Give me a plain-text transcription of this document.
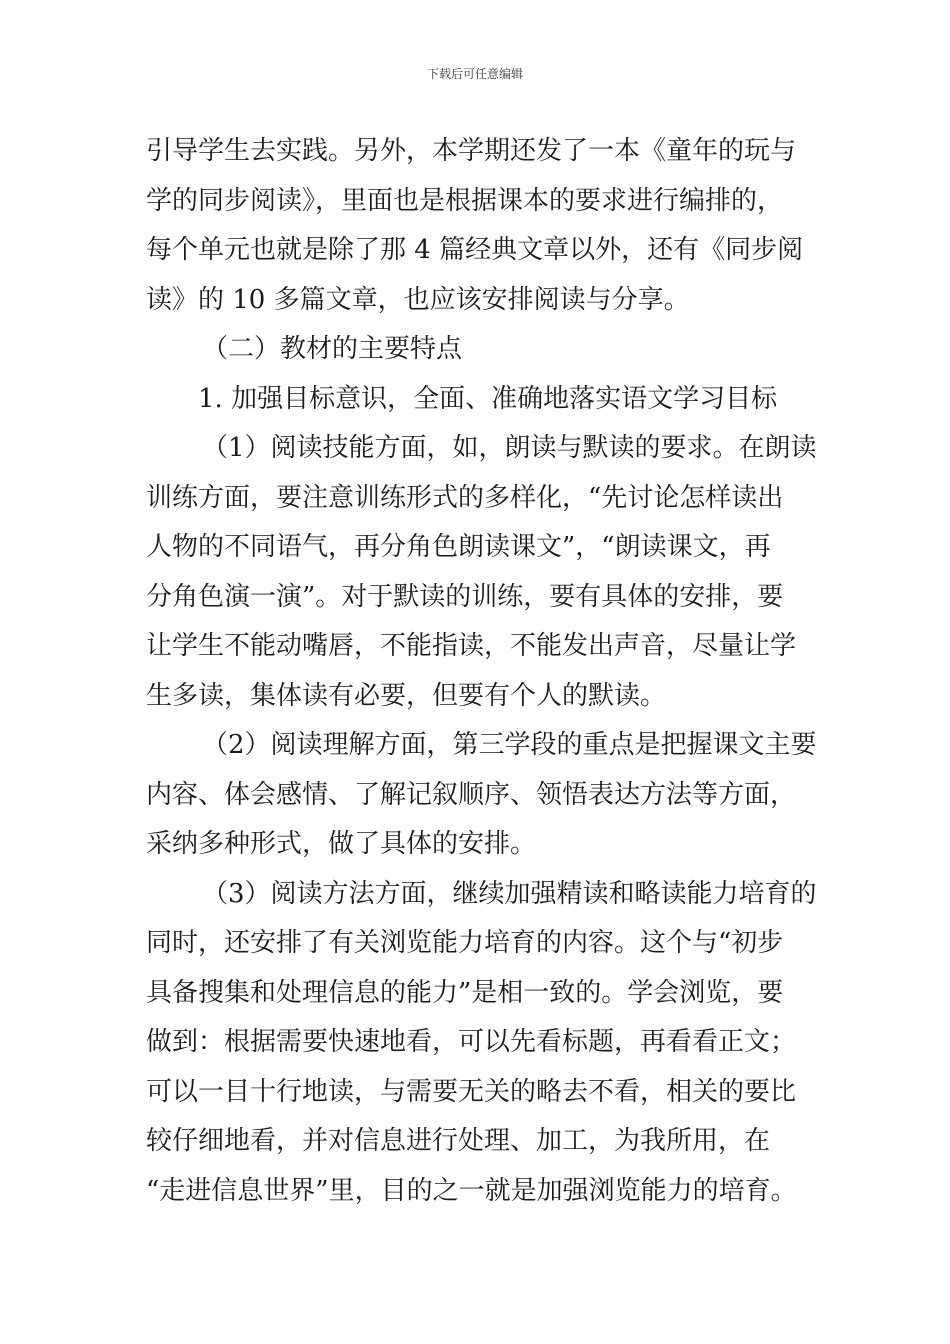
下载后可任意编辑
引导学生去实践。另外，本学期还发了一本《童年的玩与
学的同步阅读》，里面也是根据课本的要求进行编排的，
每个单元也就是除了那 4 篇经典文章以外，还有《同步阅
读》的 10 多篇文章，也应该安排阅读与分享。
（二）教材的主要特点
1. 加强目标意识，全面、准确地落实语文学习目标
（1）阅读技能方面，如，朗读与默读的要求。在朗读
训练方面，要注意训练形式的多样化，“先讨论怎样读出
人物的不同语气，再分角色朗读课文”，“朗读课文，再
分角色演一演”。对于默读的训练，要有具体的安排，要
让学生不能动嘴唇，不能指读，不能发出声音，尽量让学
生多读，集体读有必要，但要有个人的默读。
（2）阅读理解方面，第三学段的重点是把握课文主要
内容、体会感情、了解记叙顺序、领悟表达方法等方面，
采纳多种形式，做了具体的安排。
（3）阅读方法方面，继续加强精读和略读能力培育的
同时，还安排了有关浏览能力培育的内容。这个与“初步
具备搜集和处理信息的能力”是相一致的。学会浏览，要
做到：根据需要快速地看，可以先看标题，再看看正文；
可以一目十行地读，与需要无关的略去不看，相关的要比
较仔细地看，并对信息进行处理、加工，为我所用，在
“走进信息世界”里，目的之一就是加强浏览能力的培育。
